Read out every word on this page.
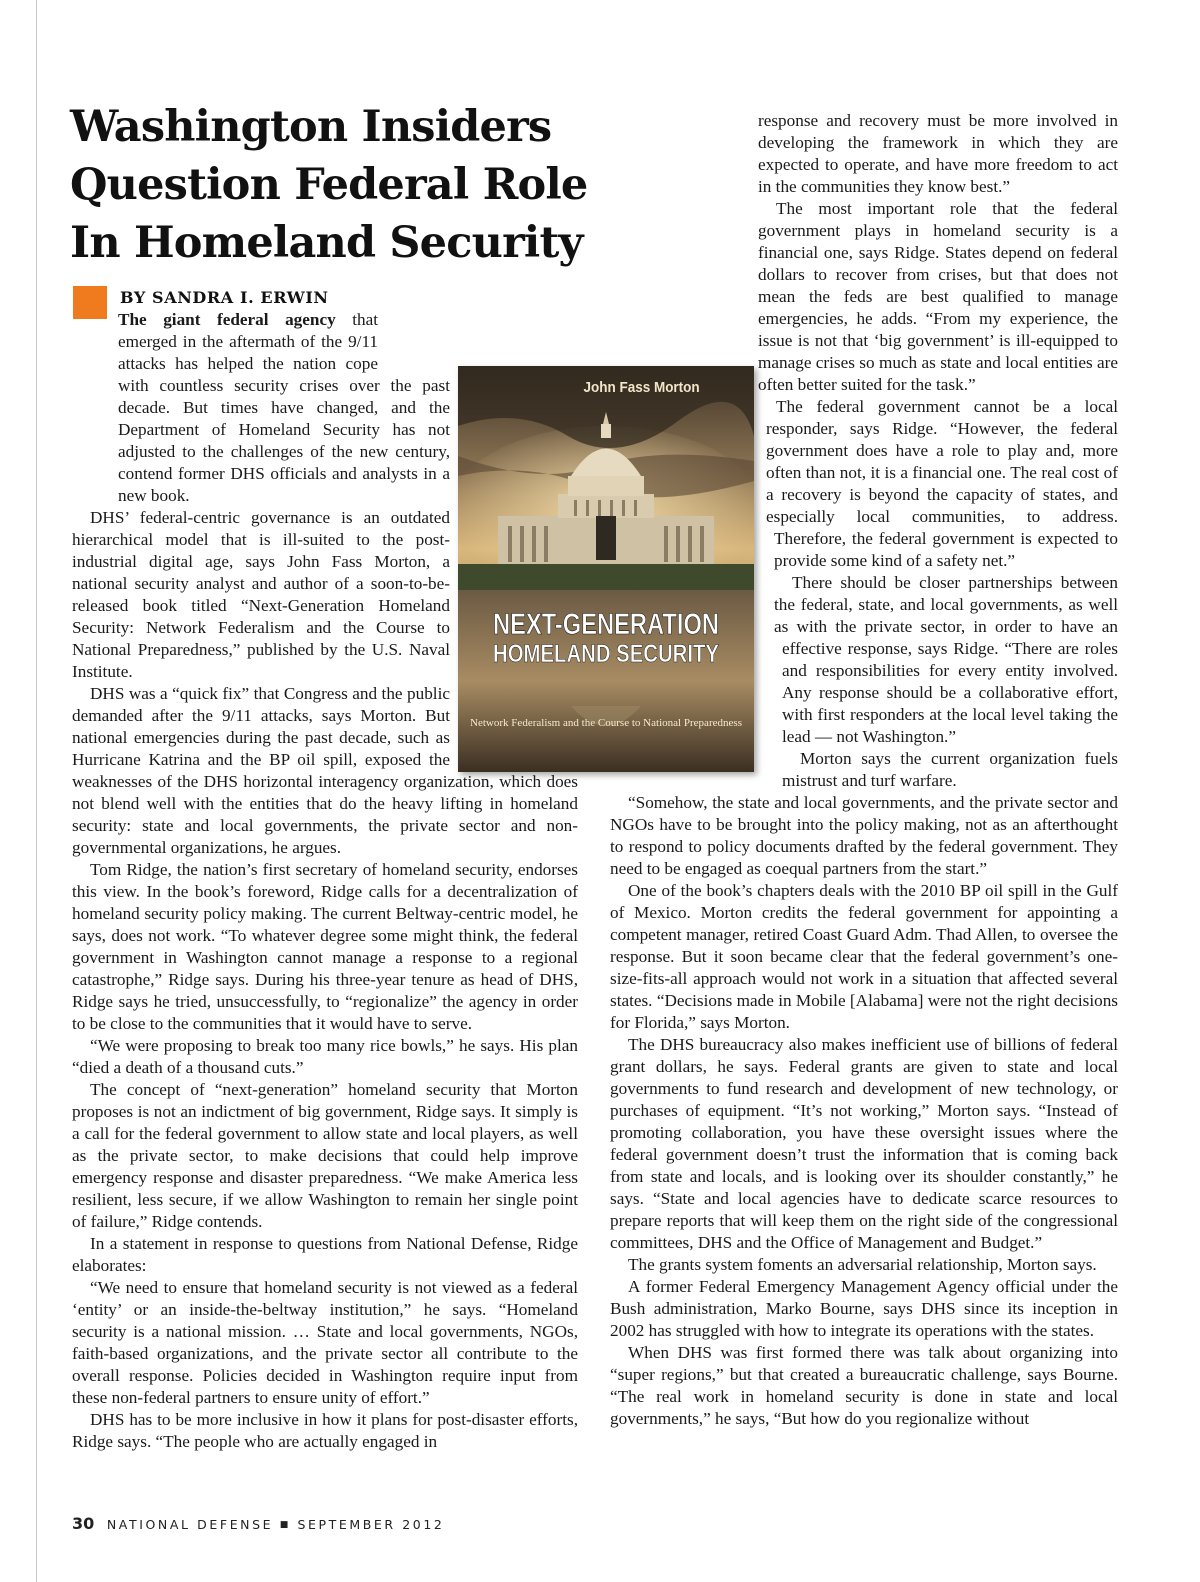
Washington Insiders Question Federal Role In Homeland Security
BY SANDRA I. ERWIN

The giant federal agency that emerged in the aftermath of the 9/11 attacks has helped the nation cope with countless security crises over the past decade. But times have changed, and the Department of Homeland Security has not adjusted to the challenges of the new century, contend former DHS officials and analysts in a new book.

DHS’ federal-centric governance is an outdated hierarchical model that is ill-suited to the post-industrial digital age, says John Fass Morton, a national security analyst and author of a soon-to-be-released book titled “Next-Generation Homeland Security: Network Federalism and the Course to National Preparedness,” published by the U.S. Naval Institute.

DHS was a “quick fix” that Congress and the public demanded after the 9/11 attacks, says Morton. But national emergencies during the past decade, such as Hurricane Katrina and the BP oil spill, exposed the weaknesses of the DHS horizontal interagency organization, which does not blend well with the entities that do the heavy lifting in homeland security: state and local governments, the private sector and non-governmental organizations, he argues.

Tom Ridge, the nation’s first secretary of homeland security, endorses this view. In the book’s foreword, Ridge calls for a decentralization of homeland security policy making. The current Beltway-centric model, he says, does not work. “To whatever degree some might think, the federal government in Washington cannot manage a response to a regional catastrophe,” Ridge says. During his three-year tenure as head of DHS, Ridge says he tried, unsuccessfully, to “regionalize” the agency in order to be close to the communities that it would have to serve.

“We were proposing to break too many rice bowls,” he says. His plan “died a death of a thousand cuts.”

The concept of “next-generation” homeland security that Morton proposes is not an indictment of big government, Ridge says. It simply is a call for the federal government to allow state and local players, as well as the private sector, to make decisions that could help improve emergency response and disaster preparedness. “We make America less resilient, less secure, if we allow Washington to remain her single point of failure,” Ridge contends.

In a statement in response to questions from National Defense, Ridge elaborates:

“We need to ensure that homeland security is not viewed as a federal ‘entity’ or an inside-the-beltway institution,” he says. “Homeland security is a national mission. … State and local governments, NGOs, faith-based organizations, and the private sector all contribute to the overall response. Policies decided in Washington require input from these non-federal partners to ensure unity of effort.”

DHS has to be more inclusive in how it plans for post-disaster efforts, Ridge says. “The people who are actually engaged in

response and recovery must be more involved in developing the framework in which they are expected to operate, and have more freedom to act in the communities they know best.”

The most important role that the federal government plays in homeland security is a financial one, says Ridge. States depend on federal dollars to recover from crises, but that does not mean the feds are best qualified to manage emergencies, he adds. “From my experience, the issue is not that ‘big government’ is ill-equipped to manage crises so much as state and local entities are often better suited for the task.”

The federal government cannot be a local responder, says Ridge. “However, the federal government does have a role to play and, more often than not, it is a financial one. The real cost of a recovery is beyond the capacity of states, and especially local communities, to address. Therefore, the federal government is expected to provide some kind of a safety net.”

There should be closer partnerships between the federal, state, and local governments, as well as with the private sector, in order to have an effective response, says Ridge. “There are roles and responsibilities for every entity involved. Any response should be a collaborative effort, with first responders at the local level taking the lead — not Washington.”

Morton says the current organization fuels mistrust and turf warfare.

“Somehow, the state and local governments, and the private sector and NGOs have to be brought into the policy making, not as an afterthought to respond to policy documents drafted by the federal government. They need to be engaged as coequal partners from the start.”

One of the book’s chapters deals with the 2010 BP oil spill in the Gulf of Mexico. Morton credits the federal government for appointing a competent manager, retired Coast Guard Adm. Thad Allen, to oversee the response. But it soon became clear that the federal government’s one-size-fits-all approach would not work in a situation that affected several states. “Decisions made in Mobile [Alabama] were not the right decisions for Florida,” says Morton.

The DHS bureaucracy also makes inefficient use of billions of federal grant dollars, he says. Federal grants are given to state and local governments to fund research and development of new technology, or purchases of equipment. “It’s not working,” Morton says. “Instead of promoting collaboration, you have these oversight issues where the federal government doesn’t trust the information that is coming back from state and locals, and is looking over its shoulder constantly,” he says. “State and local agencies have to dedicate scarce resources to prepare reports that will keep them on the right side of the congressional committees, DHS and the Office of Management and Budget.”

The grants system foments an adversarial relationship, Morton says.

A former Federal Emergency Management Agency official under the Bush administration, Marko Bourne, says DHS since its inception in 2002 has struggled with how to integrate its operations with the states.

When DHS was first formed there was talk about organizing into “super regions,” but that created a bureaucratic challenge, says Bourne. “The real work in homeland security is done in state and local governments,” he says, “But how do you regionalize without

John Fass Morton
NEXT-GENERATION
HOMELAND SECURITY
Network Federalism and the Course to National Preparedness
30 NATIONAL DEFENSE ■ SEPTEMBER 2012
